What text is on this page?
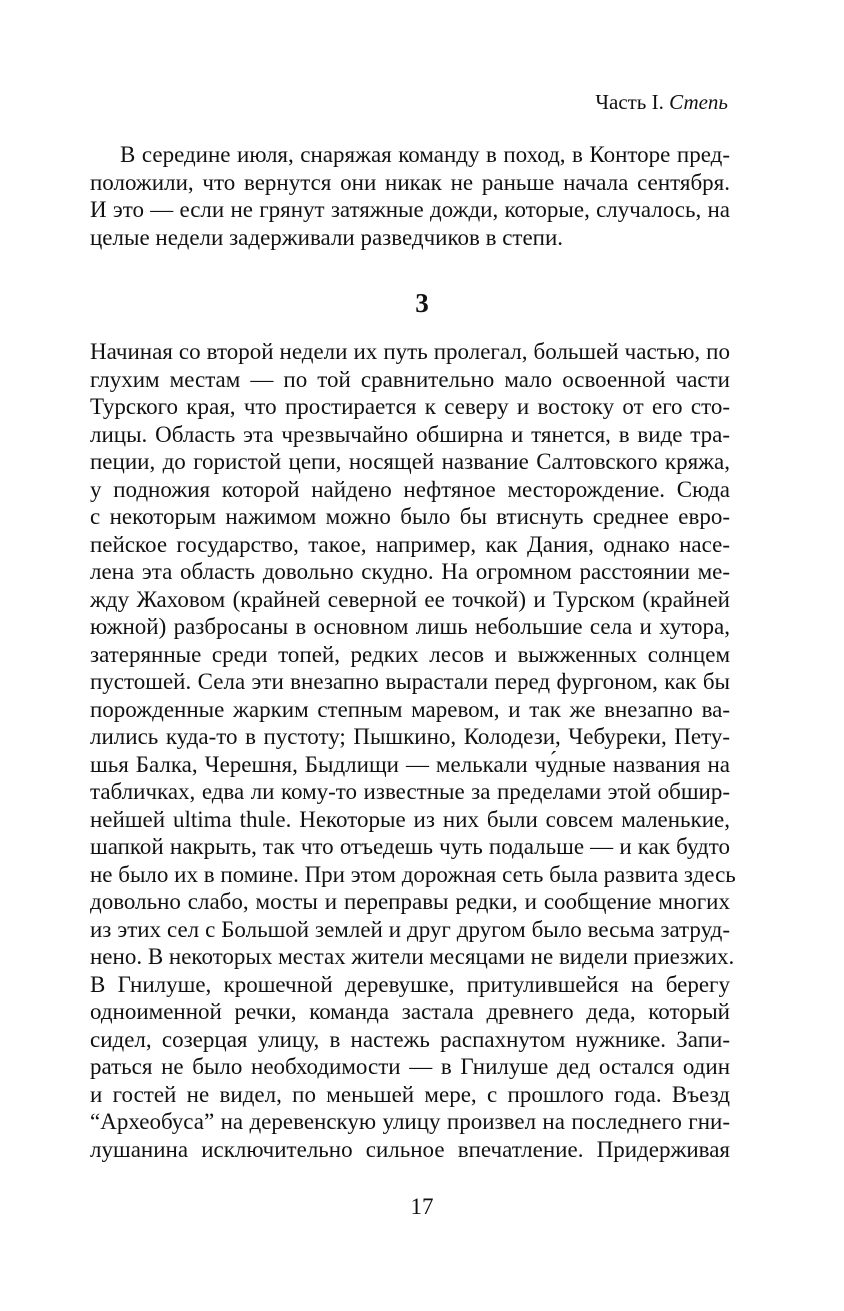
Часть I. Степь
В середине июля, снаряжая команду в поход, в Конторе пред-
положили, что вернутся они никак не раньше начала сентября.
И это — если не грянут затяжные дожди, которые, случалось, на
целые недели задерживали разведчиков в степи.
3
Начиная со второй недели их путь пролегал, большей частью, по
глухим местам — по той сравнительно мало освоенной части
Турского края, что простирается к северу и востоку от его сто-
лицы. Область эта чрезвычайно обширна и тянется, в виде тра-
пеции, до гористой цепи, носящей название Салтовского кряжа,
у подножия которой найдено нефтяное месторождение. Сюда
с некоторым нажимом можно было бы втиснуть среднее евро-
пейское государство, такое, например, как Дания, однако насе-
лена эта область довольно скудно. На огромном расстоянии ме-
жду Жаховом (крайней северной ее точкой) и Турском (крайней
южной) разбросаны в основном лишь небольшие села и хутора,
затерянные среди топей, редких лесов и выжженных солнцем
пустошей. Села эти внезапно вырастали перед фургоном, как бы
порожденные жарким степным маревом, и так же внезапно ва-
лились куда-то в пустоту; Пышкино, Колодези, Чебуреки, Пету-
шья Балка, Черешня, Быдлищи — мелькали чу́дные названия на
табличках, едва ли кому-то известные за пределами этой обшир-
нейшей ultima thule. Некоторые из них были совсем маленькие,
шапкой накрыть, так что отъедешь чуть подальше — и как будто
не было их в помине. При этом дорожная сеть была развита здесь
довольно слабо, мосты и переправы редки, и сообщение многих
из этих сел с Большой землей и друг другом было весьма затруд-
нено. В некоторых местах жители месяцами не видели приезжих.
В Гнилуше, крошечной деревушке, притулившейся на берегу
одноименной речки, команда застала древнего деда, который
сидел, созерцая улицу, в настежь распахнутом нужнике. Запи-
раться не было необходимости — в Гнилуше дед остался один
и гостей не видел, по меньшей мере, с прошлого года. Въезд
“Археобуса” на деревенскую улицу произвел на последнего гни-
лушанина исключительно сильное впечатление. Придерживая
17
